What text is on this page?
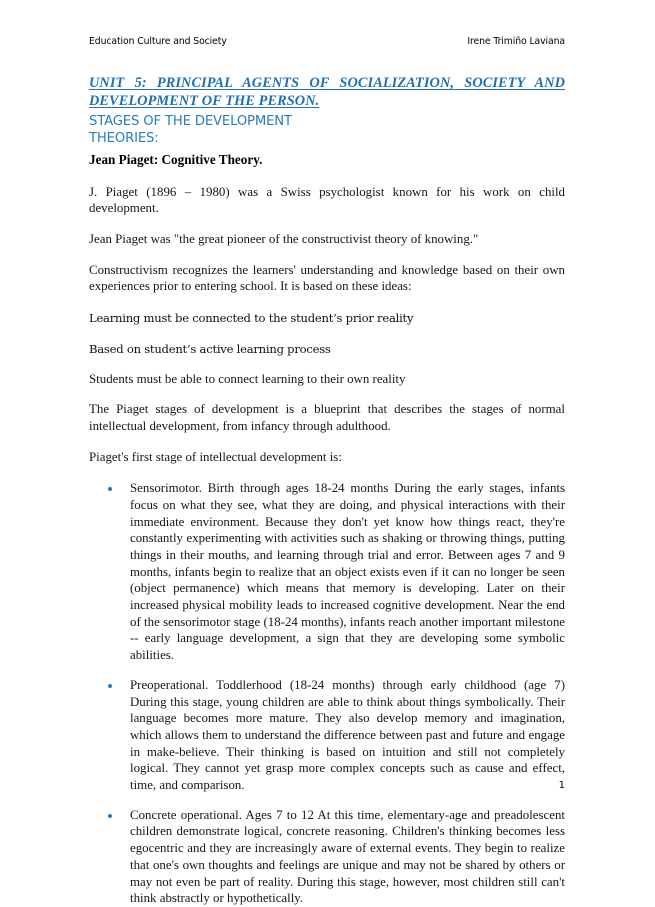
Education Culture and Society	Irene Trimiño Laviana
UNIT 5: PRINCIPAL AGENTS OF SOCIALIZATION, SOCIETY AND DEVELOPMENT OF THE PERSON.
STAGES OF THE DEVELOPMENT
THEORIES:
Jean Piaget: Cognitive Theory.

J. Piaget (1896 – 1980) was a Swiss psychologist known for his work on child development.

Jean Piaget was "the great pioneer of the constructivist theory of knowing."

Constructivism recognizes the learners' understanding and knowledge based on their own experiences prior to entering school. It is based on these ideas:

Learning must be connected to the student’s prior reality

Based on student’s active learning process

Students must be able to connect learning to their own reality

The Piaget stages of development is a blueprint that describes the stages of normal intellectual development, from infancy through adulthood.

Piaget's first stage of intellectual development is:

Sensorimotor. Birth through ages 18-24 months During the early stages, infants focus on what they see, what they are doing, and physical interactions with their immediate environment. Because they don't yet know how things react, they're constantly experimenting with activities such as shaking or throwing things, putting things in their mouths, and learning through trial and error. Between ages 7 and 9 months, infants begin to realize that an object exists even if it can no longer be seen (object permanence) which means that memory is developing. Later on their increased physical mobility leads to increased cognitive development. Near the end of the sensorimotor stage (18-24 months), infants reach another important milestone -- early language development, a sign that they are developing some symbolic abilities.
Preoperational. Toddlerhood (18-24 months) through early childhood (age 7) During this stage, young children are able to think about things symbolically. Their language becomes more mature. They also develop memory and imagination, which allows them to understand the difference between past and future and engage in make-believe. Their thinking is based on intuition and still not completely logical. They cannot yet grasp more complex concepts such as cause and effect, time, and comparison.
Concrete operational. Ages 7 to 12 At this time, elementary-age and preadolescent children demonstrate logical, concrete reasoning. Children's thinking becomes less egocentric and they are increasingly aware of external events. They begin to realize that one's own thoughts and feelings are unique and may not be shared by others or may not even be part of reality. During this stage, however, most children still can't think abstractly or hypothetically.
1
